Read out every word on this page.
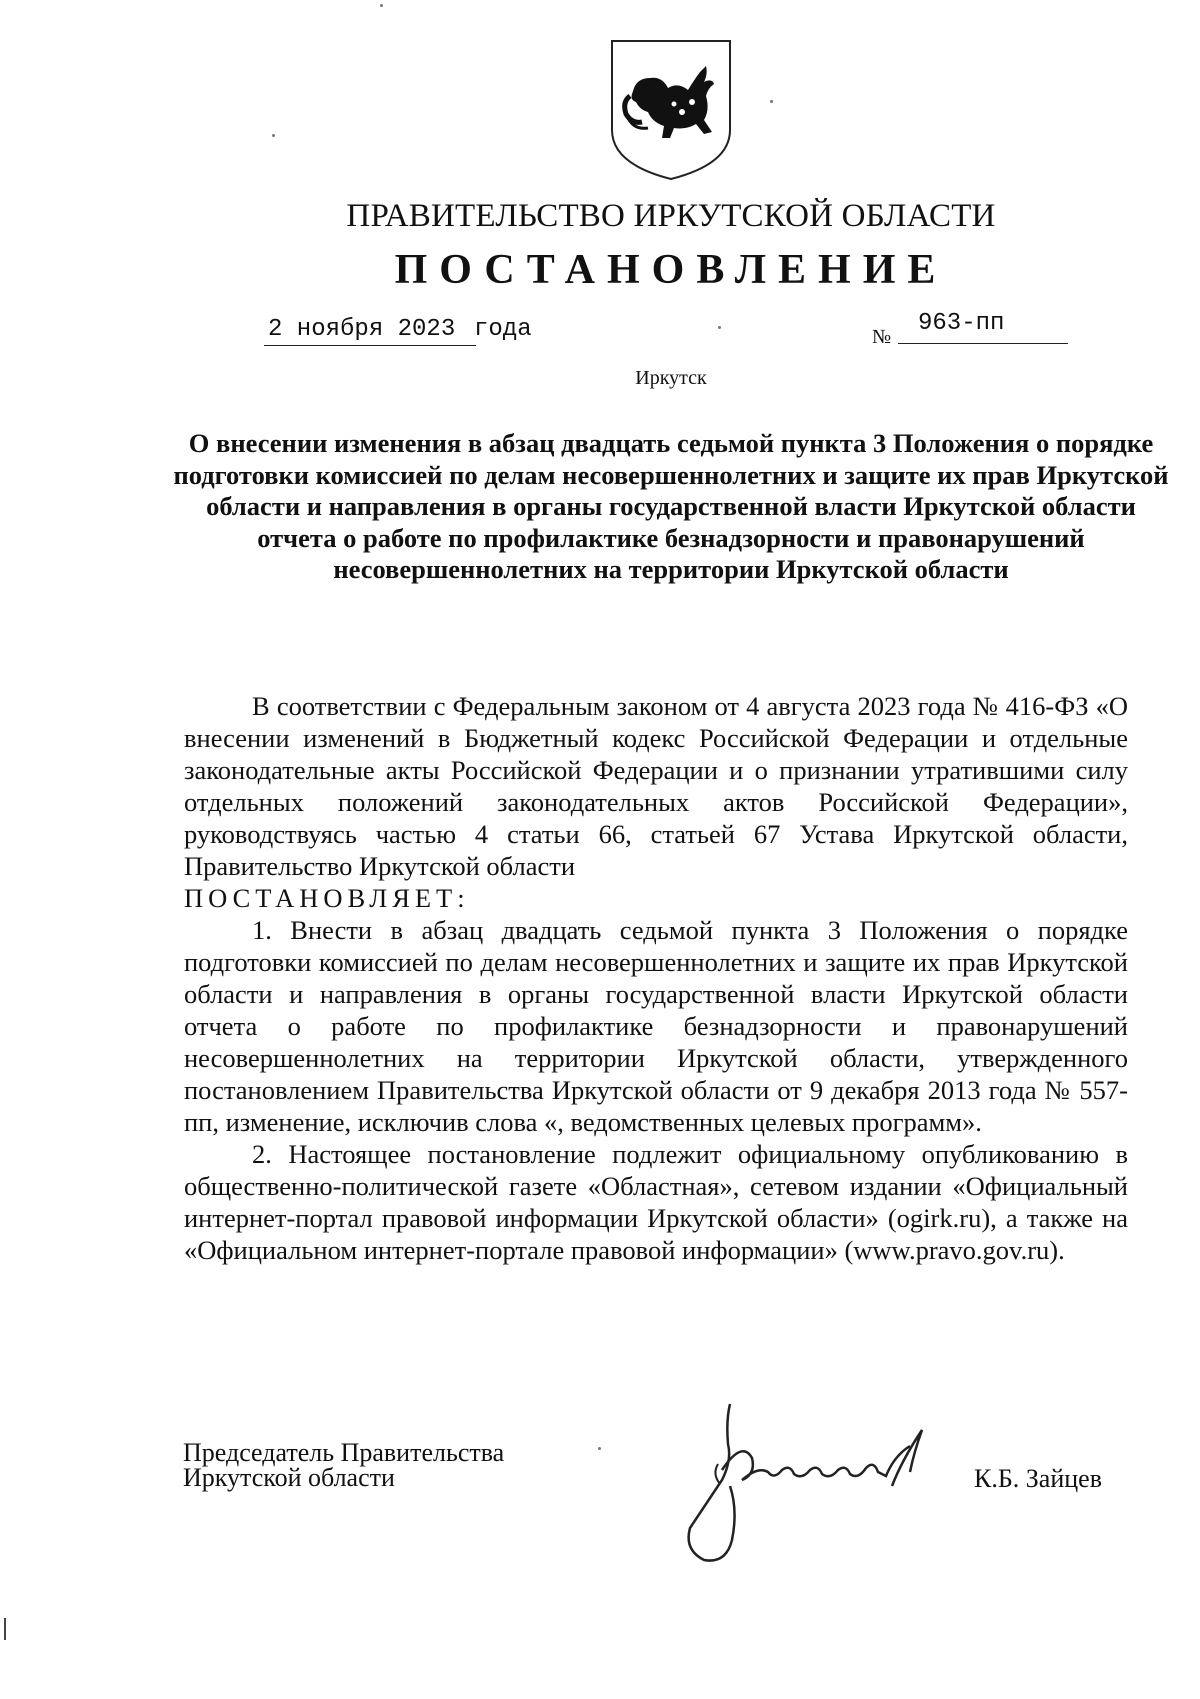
ПРАВИТЕЛЬСТВО ИРКУТСКОЙ ОБЛАСТИ
ПОСТАНОВЛЕНИЕ
2 ноября 2023 года	№	963-пп
Иркутск
О внесении изменения в абзац двадцать седьмой пункта 3 Положения о порядке подготовки комиссией по делам несовершеннолетних и защите их прав Иркутской области и направления в органы государственной власти Иркутской области отчета о работе по профилактике безнадзорности и правонарушений несовершеннолетних на территории Иркутской области

В соответствии с Федеральным законом от 4 августа 2023 года № 416-ФЗ «О внесении изменений в Бюджетный кодекс Российской Федерации и отдельные законодательные акты Российской Федерации и о признании утратившими силу отдельных положений законодательных актов Российской Федерации», руководствуясь частью 4 статьи 66, статьей 67 Устава Иркутской области, Правительство Иркутской области

ПОСТАНОВЛЯЕТ:

1. Внести в абзац двадцать седьмой пункта 3 Положения о порядке подготовки комиссией по делам несовершеннолетних и защите их прав Иркутской области и направления в органы государственной власти Иркутской области отчета о работе по профилактике безнадзорности и правонарушений несовершеннолетних на территории Иркутской области, утвержденного постановлением Правительства Иркутской области от 9 декабря 2013 года № 557-пп, изменение, исключив слова «, ведомственных целевых программ».

2. Настоящее постановление подлежит официальному опубликованию в общественно-политической газете «Областная», сетевом издании «Официальный интернет-портал правовой информации Иркутской области» (ogirk.ru), а также на «Официальном интернет-портале правовой информации» (www.pravo.gov.ru).

Председатель Правительства
Иркутской области	К.Б. Зайцев
